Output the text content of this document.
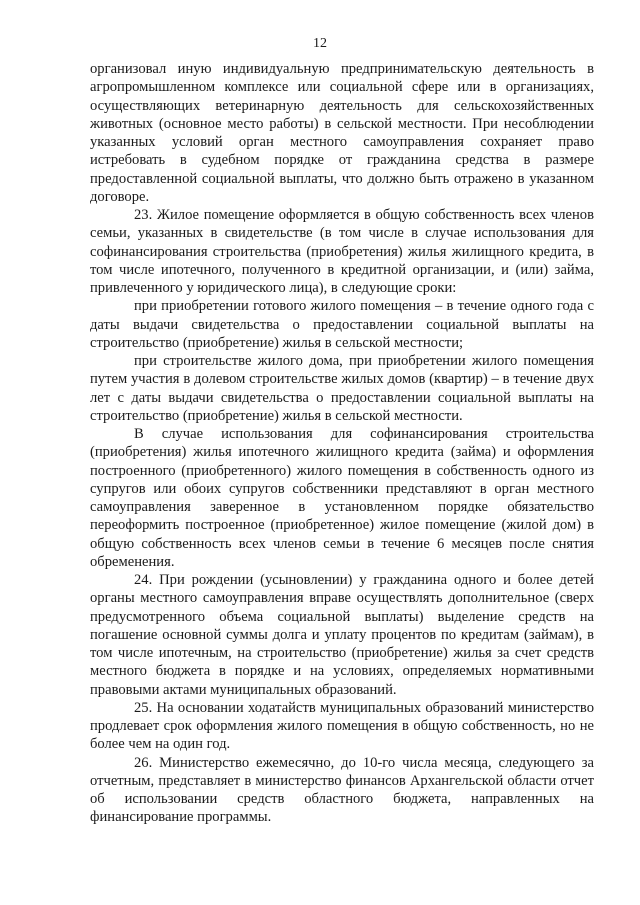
12

организовал иную индивидуальную предпринимательскую деятельность в агропромышленном комплексе или социальной сфере или в организациях, осуществляющих ветеринарную деятельность для сельскохозяйственных животных (основное место работы) в сельской местности. При несоблюдении указанных условий орган местного самоуправления сохраняет право истребовать в судебном порядке от гражданина средства в размере предоставленной социальной выплаты, что должно быть отражено в указанном договоре.

23. Жилое помещение оформляется в общую собственность всех членов семьи, указанных в свидетельстве (в том числе в случае использования для софинансирования строительства (приобретения) жилья жилищного кредита, в том числе ипотечного, полученного в кредитной организации, и (или) займа, привлеченного у юридического лица), в следующие сроки:

при приобретении готового жилого помещения – в течение одного года с даты выдачи свидетельства о предоставлении социальной выплаты на строительство (приобретение) жилья в сельской местности;

при строительстве жилого дома, при приобретении жилого помещения путем участия в долевом строительстве жилых домов (квартир) – в течение двух лет с даты выдачи свидетельства о предоставлении социальной выплаты на строительство (приобретение) жилья в сельской местности.

В случае использования для софинансирования строительства (приобретения) жилья ипотечного жилищного кредита (займа) и оформления построенного (приобретенного) жилого помещения в собственность одного из супругов или обоих супругов собственники представляют в орган местного самоуправления заверенное в установленном порядке обязательство переоформить построенное (приобретенное) жилое помещение (жилой дом) в общую собственность всех членов семьи в течение 6 месяцев после снятия обременения.

24. При рождении (усыновлении) у гражданина одного и более детей органы местного самоуправления вправе осуществлять дополнительное (сверх предусмотренного объема социальной выплаты) выделение средств на погашение основной суммы долга и уплату процентов по кредитам (займам), в том числе ипотечным, на строительство (приобретение) жилья за счет средств местного бюджета в порядке и на условиях, определяемых нормативными правовыми актами муниципальных образований.

25. На основании ходатайств муниципальных образований министерство продлевает срок оформления жилого помещения в общую собственность, но не более чем на один год.

26. Министерство ежемесячно, до 10-го числа месяца, следующего за отчетным, представляет в министерство финансов Архангельской области отчет об использовании средств областного бюджета, направленных на финансирование программы.
